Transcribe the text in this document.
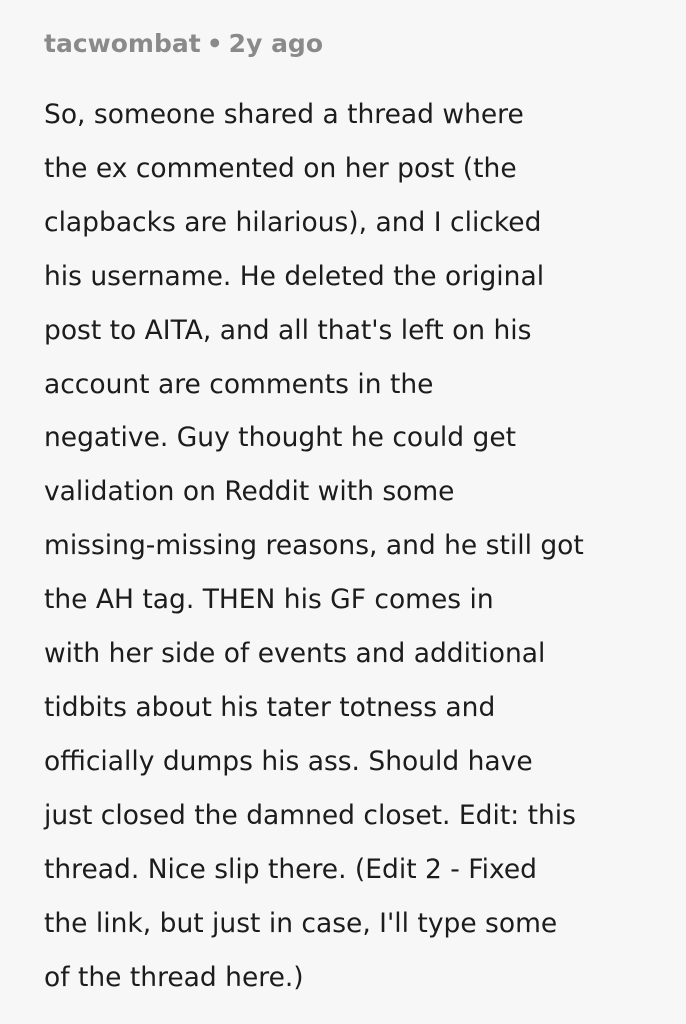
tacwombat • 2y ago
So, someone shared a thread where
the ex commented on her post (the
clapbacks are hilarious), and I clicked
his username. He deleted the original
post to AITA, and all that's left on his
account are comments in the
negative. Guy thought he could get
validation on Reddit with some
missing-missing reasons, and he still got
the AH tag. THEN his GF comes in
with her side of events and additional
tidbits about his tater totness and
officially dumps his ass. Should have
just closed the damned closet. Edit: this
thread. Nice slip there. (Edit 2 - Fixed
the link, but just in case, I'll type some
of the thread here.)
